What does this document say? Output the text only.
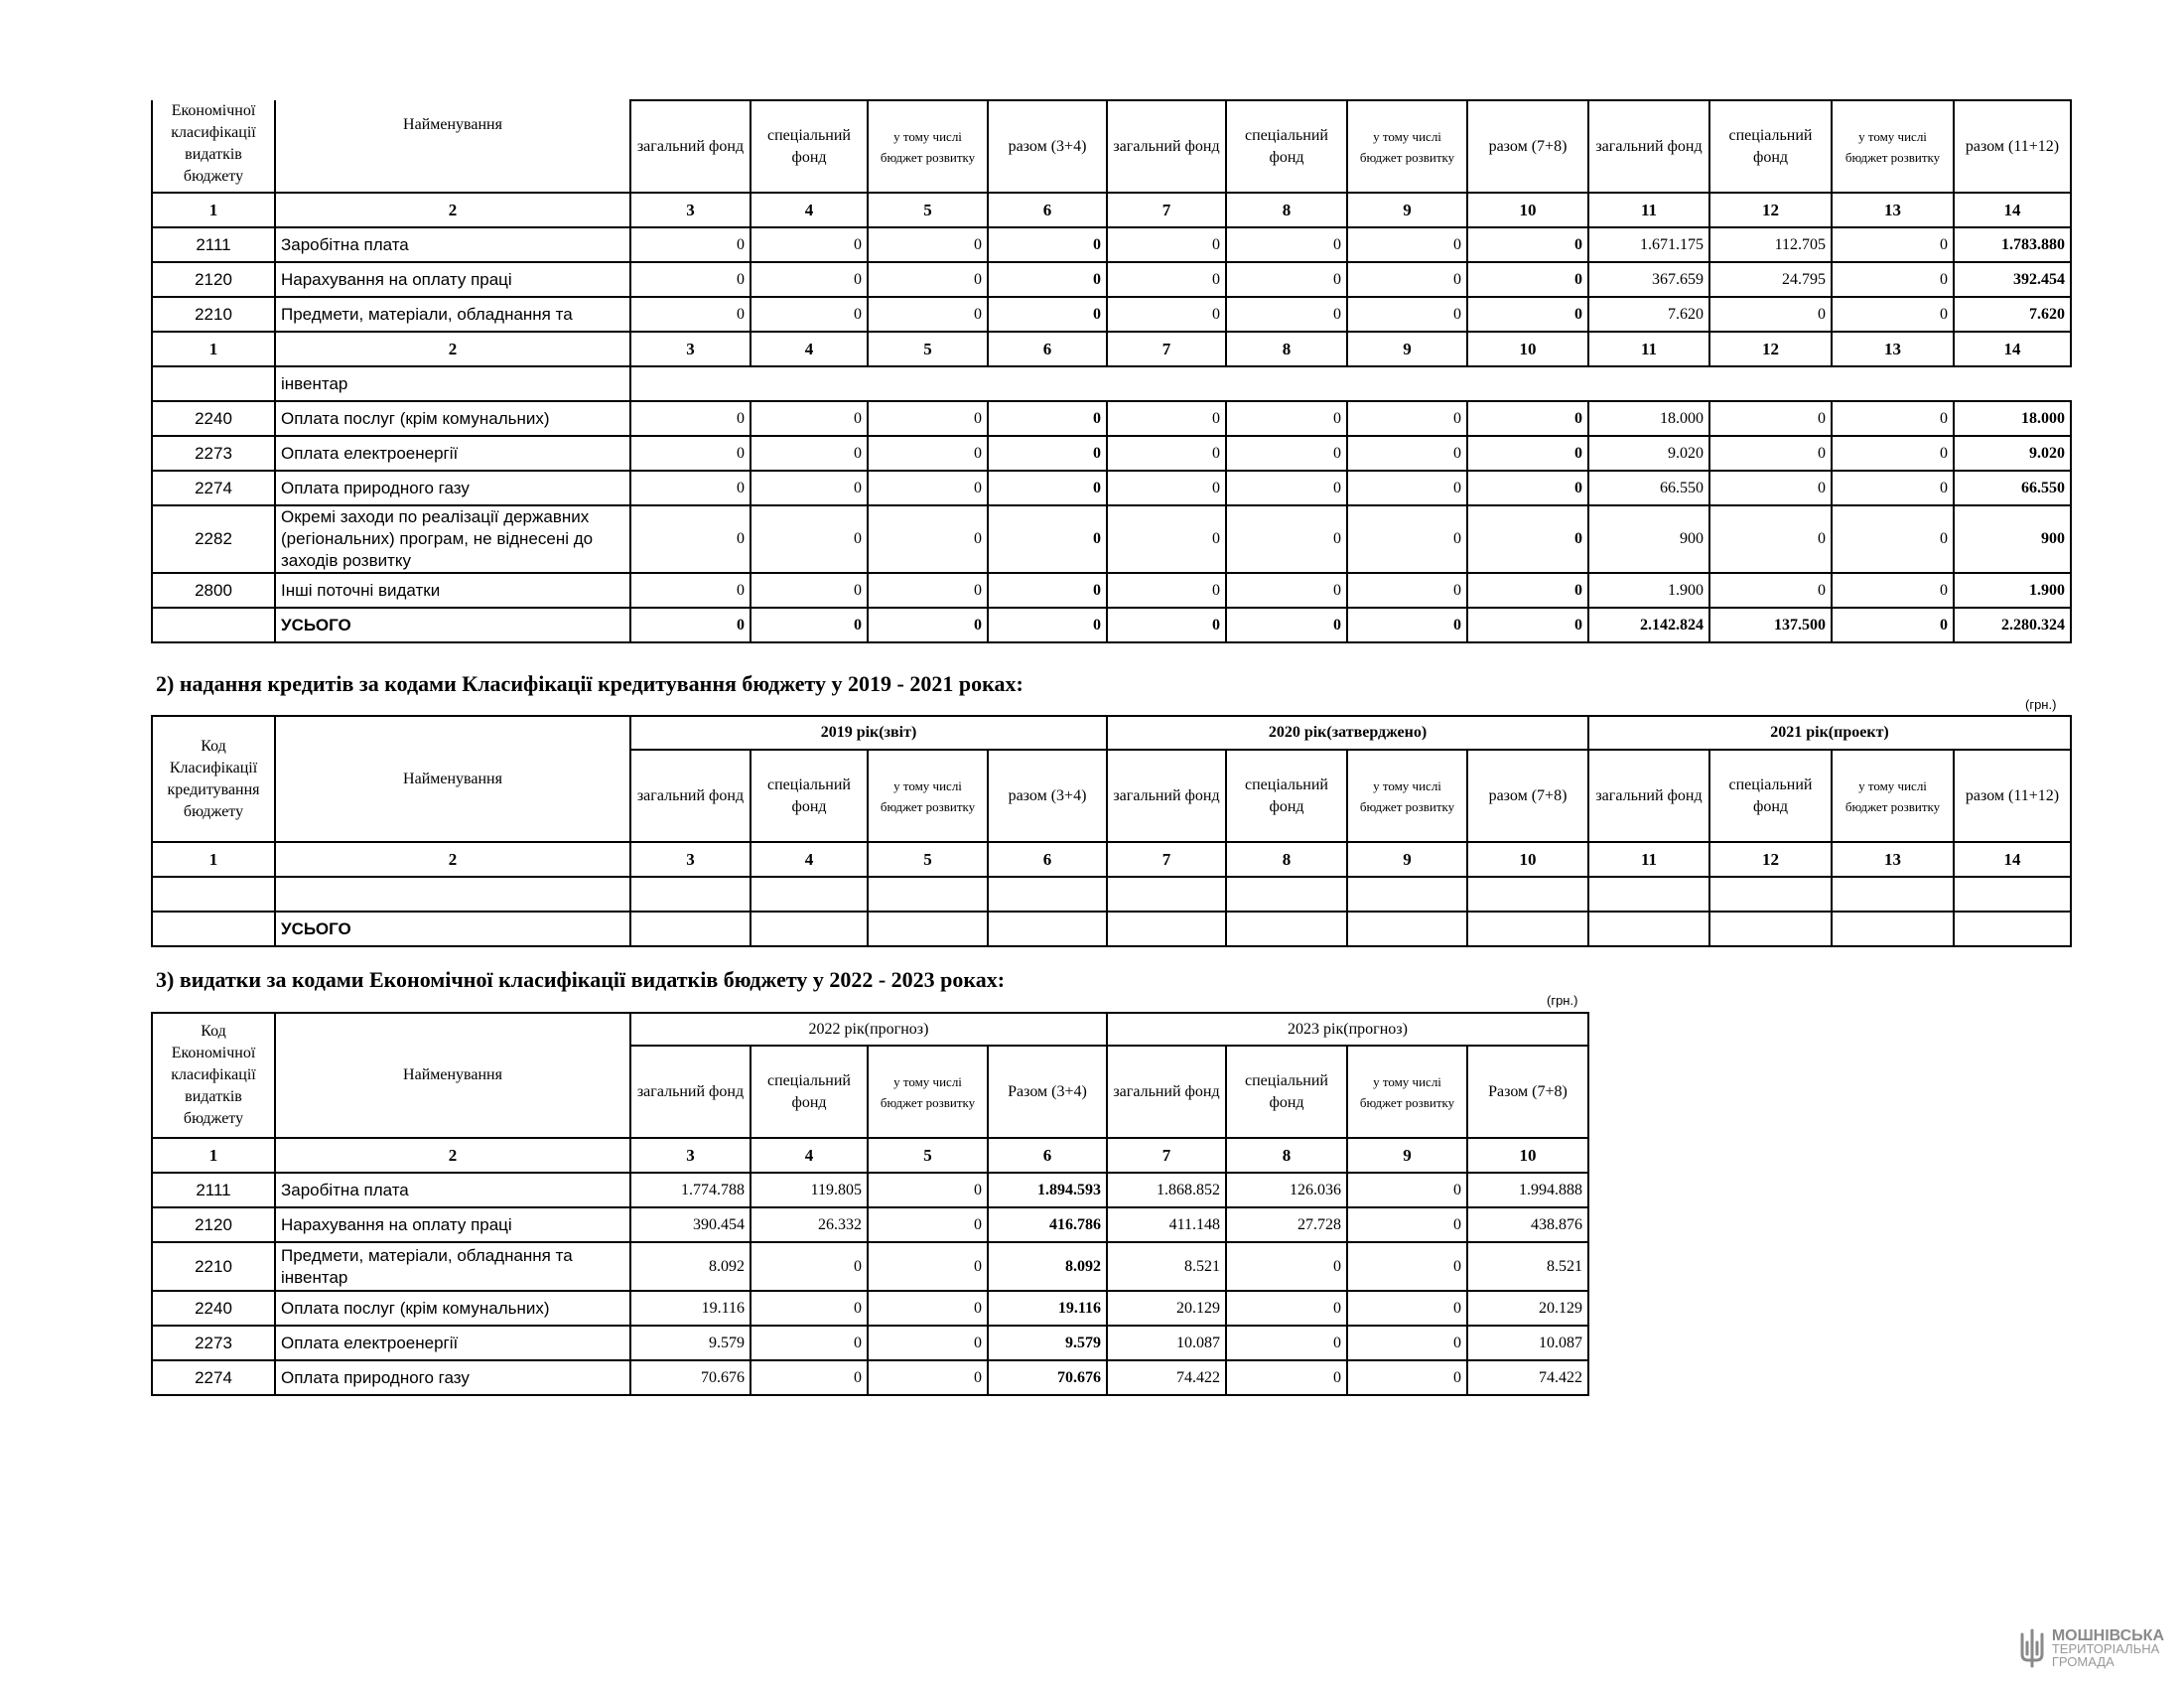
Економічної класифікації видатків бюджету	Найменування	загальний фонд	спеціальний фонд	у тому числі бюджет розвитку	разом (3+4)	загальний фонд	спеціальний фонд	у тому числі бюджет розвитку	разом (7+8)	загальний фонд	спеціальний фонд	у тому числі бюджет розвитку	разом (11+12)
1	2	3	4	5	6	7	8	9	10	11	12	13	14
2111	Заробітна плата	0	0	0	0	0	0	0	0	1.671.175	112.705	0	1.783.880
2120	Нарахування на оплату праці	0	0	0	0	0	0	0	0	367.659	24.795	0	392.454
2210	Предмети, матеріали, обладнання та	0	0	0	0	0	0	0	0	7.620	0	0	7.620
1	2	3	4	5	6	7	8	9	10	11	12	13	14
	інвентар												
2240	Оплата послуг (крім комунальних)	0	0	0	0	0	0	0	0	18.000	0	0	18.000
2273	Оплата електроенергії	0	0	0	0	0	0	0	0	9.020	0	0	9.020
2274	Оплата природного газу	0	0	0	0	0	0	0	0	66.550	0	0	66.550
2282	Окремі заходи по реалізації державних (регіональних) програм, не віднесені до заходів розвитку	0	0	0	0	0	0	0	0	900	0	0	900
2800	Інші поточні видатки	0	0	0	0	0	0	0	0	1.900	0	0	1.900
	УСЬОГО	0	0	0	0	0	0	0	0	2.142.824	137.500	0	2.280.324
2) надання кредитів за кодами Класифікації кредитування бюджету у 2019 - 2021 роках:
(грн.)
Код Класифікації кредитування бюджету	Найменування	2019 рік(звіт)				2020 рік(затверджено)				2021 рік(проект)			
		загальний фонд	спеціальний фонд	у тому числі бюджет розвитку	разом (3+4)	загальний фонд	спеціальний фонд	у тому числі бюджет розвитку	разом (7+8)	загальний фонд	спеціальний фонд	у тому числі бюджет розвитку	разом (11+12)
1	2	3	4	5	6	7	8	9	10	11	12	13	14

	УСЬОГО												
3) видатки за кодами Економічної класифікації видатків бюджету у 2022 - 2023 роках:
(грн.)
Код Економічної класифікації видатків бюджету	Найменування	2022 рік(прогноз)				2023 рік(прогноз)			
		загальний фонд	спеціальний фонд	у тому числі бюджет розвитку	Разом (3+4)	загальний фонд	спеціальний фонд	у тому числі бюджет розвитку	Разом (7+8)
1	2	3	4	5	6	7	8	9	10
2111	Заробітна плата	1.774.788	119.805	0	1.894.593	1.868.852	126.036	0	1.994.888
2120	Нарахування на оплату праці	390.454	26.332	0	416.786	411.148	27.728	0	438.876
2210	Предмети, матеріали, обладнання та інвентар	8.092	0	0	8.092	8.521	0	0	8.521
2240	Оплата послуг (крім комунальних)	19.116	0	0	19.116	20.129	0	0	20.129
2273	Оплата електроенергії	9.579	0	0	9.579	10.087	0	0	10.087
2274	Оплата природного газу	70.676	0	0	70.676	74.422	0	0	74.422
МОШНІВСЬКА
ТЕРИТОРІАЛЬНА
ГРОМАДА
